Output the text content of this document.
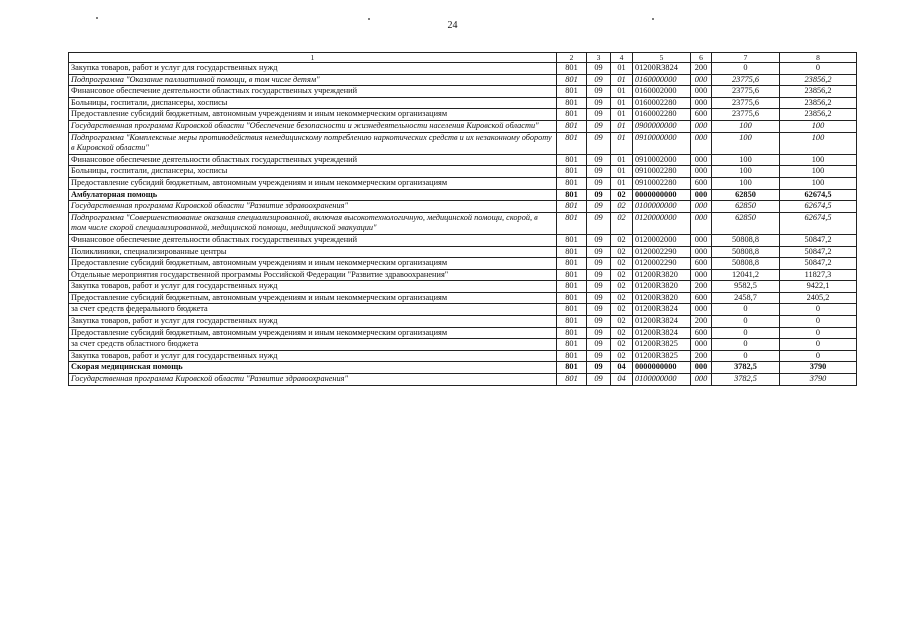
24
1	2	3	4	5	6	7	8
Закупка товаров, работ и услуг для государственных нужд	801	09	01	01200R3824	200	0	0
Подпрограмма "Оказание паллиативной помощи, в том числе детям"	801	09	01	0160000000	000	23775,6	23856,2
Финансовое обеспечение деятельности областных государственных учреждений	801	09	01	0160002000	000	23775,6	23856,2
Больницы, госпитали, диспансеры, хосписы	801	09	01	0160002280	000	23775,6	23856,2
Предоставление субсидий бюджетным, автономным учреждениям и иным некоммерческим организациям	801	09	01	0160002280	600	23775,6	23856,2
Государственная программа Кировской области "Обеспечение безопасности и жизнедеятельности населения Кировской области"	801	09	01	0900000000	000	100	100
Подпрограмма "Комплексные меры противодействия немедицинскому потреблению наркотических средств и их незаконному обороту в Кировской области"	801	09	01	0910000000	000	100	100
Финансовое обеспечение деятельности областных государственных учреждений	801	09	01	0910002000	000	100	100
Больницы, госпитали, диспансеры, хосписы	801	09	01	0910002280	000	100	100
Предоставление субсидий бюджетным, автономным учреждениям и иным некоммерческим организациям	801	09	01	0910002280	600	100	100
Амбулаторная помощь	801	09	02	0000000000	000	62850	62674,5
Государственная программа Кировской области "Развитие здравоохранения"	801	09	02	0100000000	000	62850	62674,5
Подпрограмма "Совершенствование оказания специализированной, включая высокотехнологичную, медицинской помощи, скорой, в том числе скорой специализированной, медицинской помощи, медицинской эвакуации"	801	09	02	0120000000	000	62850	62674,5
Финансовое обеспечение деятельности областных государственных учреждений	801	09	02	0120002000	000	50808,8	50847,2
Поликлиники, специализированные центры	801	09	02	0120002290	000	50808,8	50847,2
Предоставление субсидий бюджетным, автономным учреждениям и иным некоммерческим организациям	801	09	02	0120002290	600	50808,8	50847,2
Отдельные мероприятия государственной программы Российской Федерации "Развитие здравоохранения"	801	09	02	01200R3820	000	12041,2	11827,3
Закупка товаров, работ и услуг для государственных нужд	801	09	02	01200R3820	200	9582,5	9422,1
Предоставление субсидий бюджетным, автономным учреждениям и иным некоммерческим организациям	801	09	02	01200R3820	600	2458,7	2405,2
за счет средств федерального бюджета	801	09	02	01200R3824	000	0	0
Закупка товаров, работ и услуг для государственных нужд	801	09	02	01200R3824	200	0	0
Предоставление субсидий бюджетным, автономным учреждениям и иным некоммерческим организациям	801	09	02	01200R3824	600	0	0
за счет средств областного бюджета	801	09	02	01200R3825	000	0	0
Закупка товаров, работ и услуг для государственных нужд	801	09	02	01200R3825	200	0	0
Скорая медицинская помощь	801	09	04	0000000000	000	3782,5	3790
Государственная программа Кировской области "Развитие здравоохранения"	801	09	04	0100000000	000	3782,5	3790
